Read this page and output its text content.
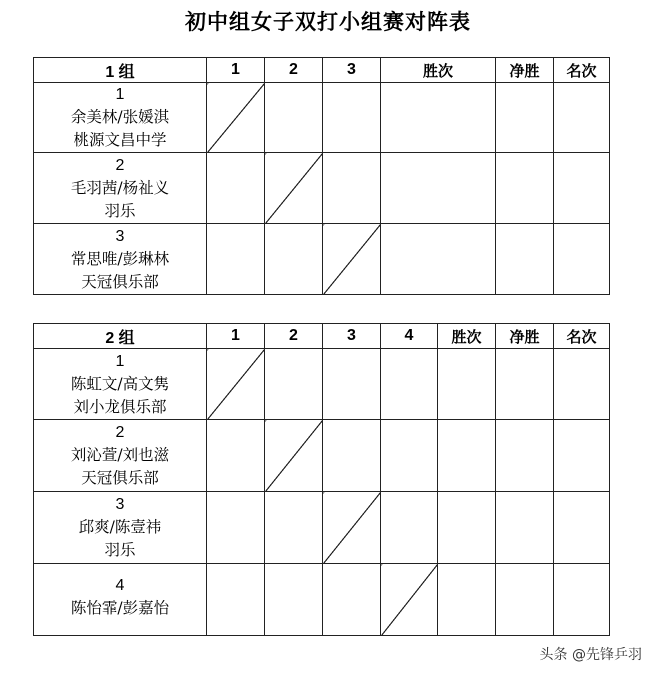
初中组女子双打小组赛对阵表
1 组	1	2	3	胜次	净胜	名次

1
余美林/张媛淇
桃源文昌中学						

2
毛羽茜/杨祉义
羽乐						

3
常思唯/彭琳林
天冠俱乐部						

2 组	1	2	3	4	胜次	净胜	名次

1
陈虹文/高文隽
刘小龙俱乐部							

2
刘沁萱/刘也滋
天冠俱乐部							

3
邱爽/陈壹祎
羽乐							

4
陈怡霏/彭嘉怡							

头条 @先锋乒羽
